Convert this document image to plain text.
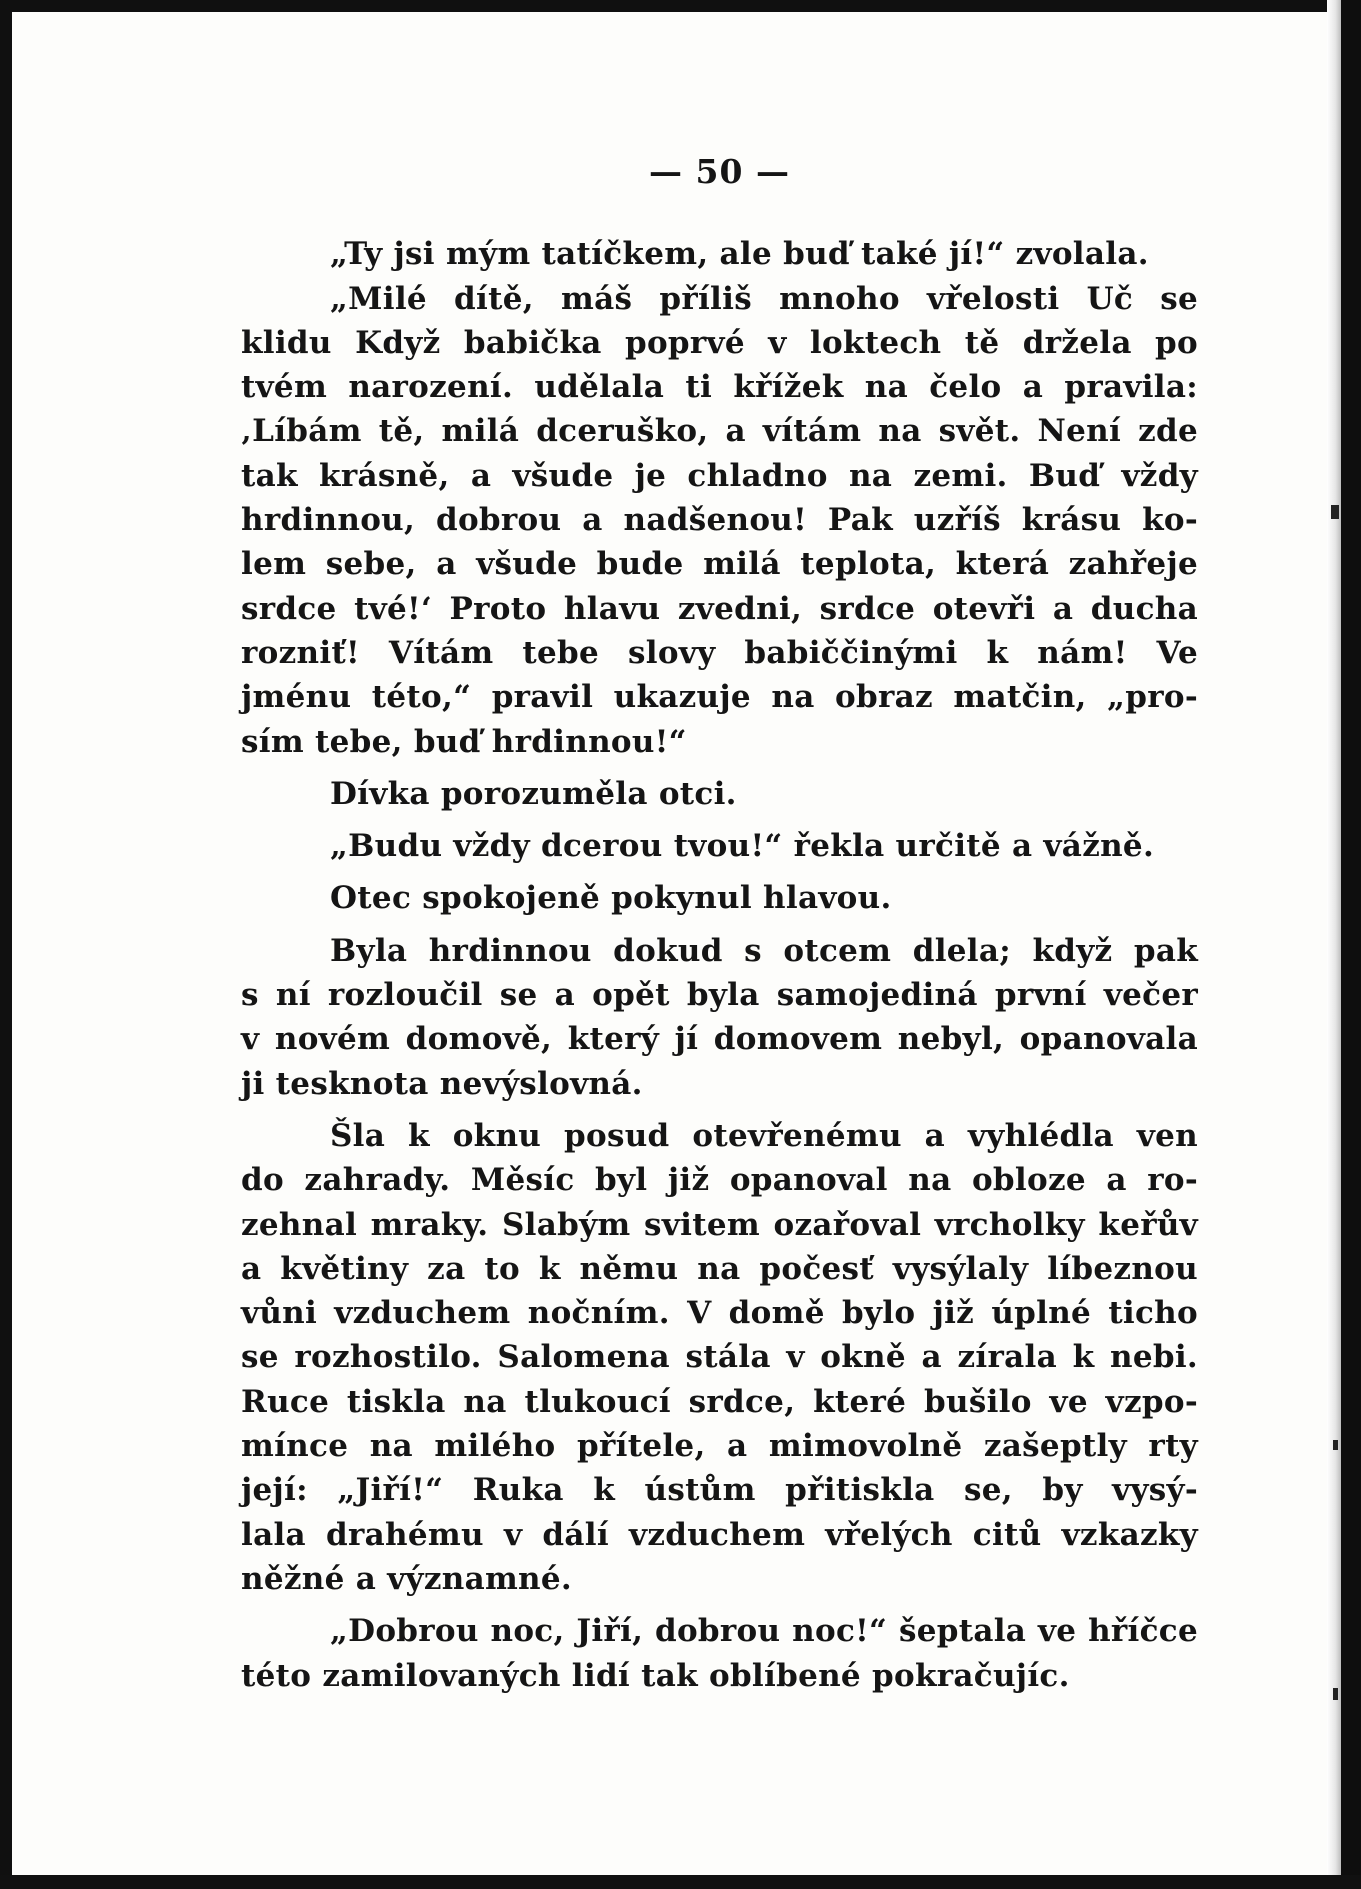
— 50 —
„Ty jsi mým tatíčkem, ale buď také jí!“ zvolala.
„Milé dítě, máš příliš mnoho vřelosti Uč se
klidu Když babička poprvé v loktech tě držela po
tvém narození. udělala ti křížek na čelo a pravila:
‚Líbám tě, milá dceruško, a vítám na svět. Není zde
tak krásně, a všude je chladno na zemi. Buď vždy
hrdinnou, dobrou a nadšenou! Pak uzříš krásu ko-
lem sebe, a všude bude milá teplota, která zahřeje
srdce tvé!‘ Proto hlavu zvedni, srdce otevři a ducha
rozniť! Vítám tebe slovy babiččinými k nám! Ve
jménu této,“ pravil ukazuje na obraz matčin, „pro-
sím tebe, buď hrdinnou!“
Dívka porozuměla otci.
„Budu vždy dcerou tvou!“ řekla určitě a vážně.
Otec spokojeně pokynul hlavou.
Byla hrdinnou dokud s otcem dlela; když pak
s ní rozloučil se a opět byla samojediná první večer
v novém domově, který jí domovem nebyl, opanovala
ji tesknota nevýslovná.
Šla k oknu posud otevřenému a vyhlédla ven
do zahrady. Měsíc byl již opanoval na obloze a ro-
zehnal mraky. Slabým svitem ozařoval vrcholky keřův
a květiny za to k němu na počesť vysýlaly líbeznou
vůni vzduchem nočním. V domě bylo již úplné ticho
se rozhostilo. Salomena stála v okně a zírala k nebi.
Ruce tiskla na tlukoucí srdce, které bušilo ve vzpo-
mínce na milého přítele, a mimovolně zašeptly rty
její: „Jiří!“ Ruka k ústům přitiskla se, by vysý-
lala drahému v dálí vzduchem vřelých citů vzkazky
něžné a významné.
„Dobrou noc, Jiří, dobrou noc!“ šeptala ve hříčce
této zamilovaných lidí tak oblíbené pokračujíc.
